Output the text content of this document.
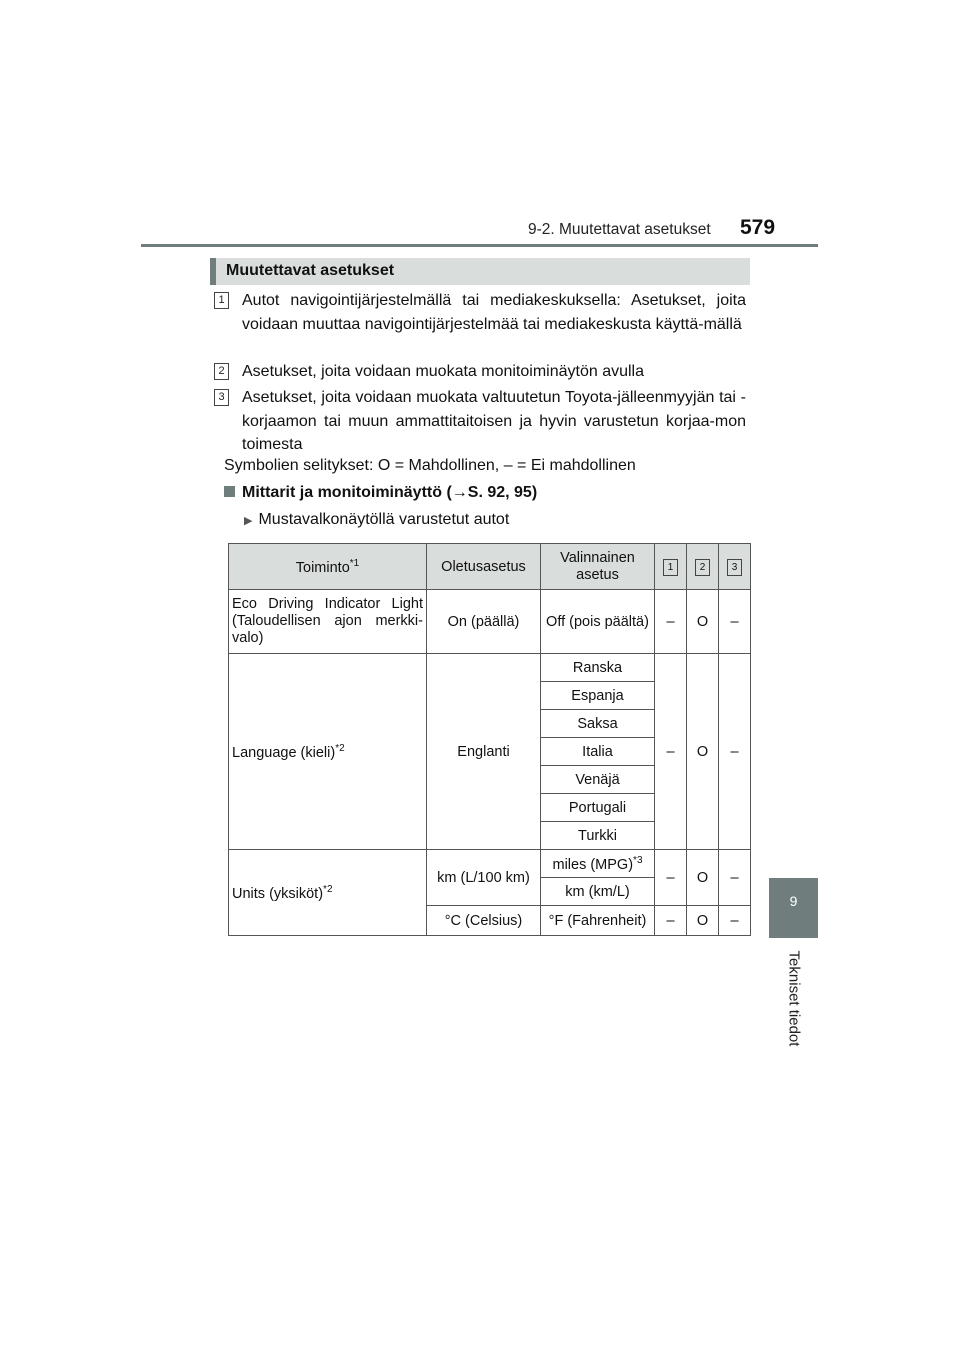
9-2. Muutettavat asetukset 579
9
Tekniset tiedot
Muutettavat asetukset
1 Autot navigointijärjestelmällä tai mediakeskuksella: Asetukset, joita voidaan muuttaa navigointijärjestelmää tai mediakeskusta käyttä-mällä
2 Asetukset, joita voidaan muokata monitoiminäytön avulla
3 Asetukset, joita voidaan muokata valtuutetun Toyota-jälleenmyyjän tai -korjaamon tai muun ammattitaitoisen ja hyvin varustetun korjaa-mon toimesta
Symbolien selitykset: O = Mahdollinen, – = Ei mahdollinen
Mittarit ja monitoiminäyttö (→S. 92, 95)
▶ Mustavalkonäytöllä varustetut autot
Toiminto$^{*1}$	Oletusasetus	Valinnainen asetus	1	2	3
Eco Driving Indicator Light (Taloudellisen ajon merkki-valo)	On (päällä)	Off (pois päältä)	–	O	–
Language (kieli)$^{*2}$	Englanti	Ranska	–	O	–
		Espanja			
		Saksa			
		Italia			
		Venäjä			
		Portugali			
		Turkki			
Units (yksiköt)$^{*2}$	km (L/100 km)	miles (MPG)$^{*3}$	–	O	–
		km (km/L)			
	°C (Celsius)	°F (Fahrenheit)	–	O	–
